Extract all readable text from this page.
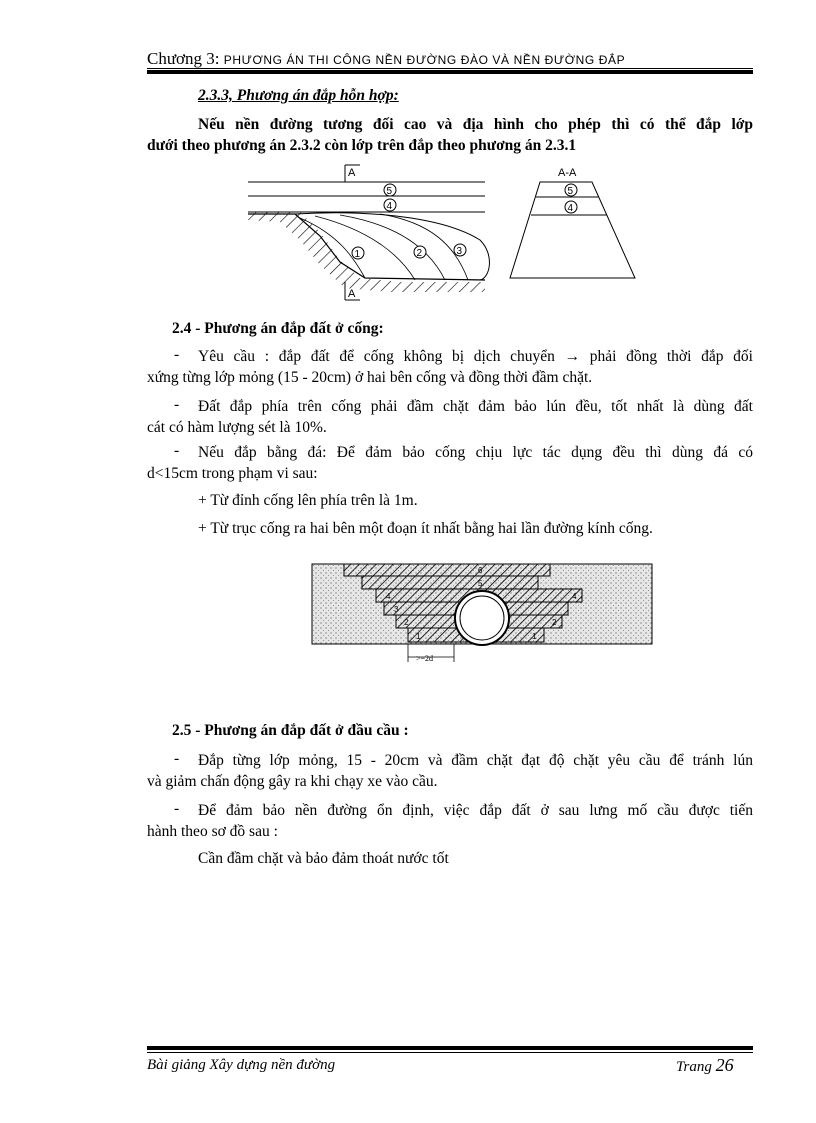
Chương 3: PHƯƠNG ÁN THI CÔNG NỀN ĐƯỜNG ĐÀO VÀ NỀN ĐƯỜNG ĐẮP
2.3.3, Phương án đắp hỗn hợp:
Nếu nền đường tương đối cao và địa hình cho phép thì có thể đắp lớp
dưới theo phương án 2.3.2 còn lớp trên đắp theo phương án 2.3.1
A
5
4
1	2	3
A
A-A
5
4
2.4 - Phương án đắp đất ở cống:
- Yêu cầu : đắp đất để cống không bị dịch chuyển → phải đồng thời đắp đối
xứng từng lớp mỏng (15 - 20cm) ở hai bên cống và đồng thời đầm chặt.
- Đất đắp phía trên cống phải đầm chặt đảm bảo lún đều, tốt nhất là dùng đất
cát có hàm lượng sét là 10%.
- Nếu đắp bằng đá: Để đảm bảo cống chịu lực tác dụng đều thì dùng đá có
d<15cm trong phạm vi sau:
+ Từ đỉnh cống lên phía trên là 1m.
+ Từ trục cống ra hai bên một đoạn ít nhất bằng hai lần đường kính cống.
6
5
4	4
3
2	2
1	1
>=2d
2.5 - Phương án đắp đất ở đầu cầu :
- Đắp từng lớp mỏng, 15 - 20cm và đầm chặt đạt độ chặt yêu cầu để tránh lún
và giảm chấn động gây ra khi chạy xe vào cầu.
- Để đảm bảo nền đường ổn định, việc đắp đất ở sau lưng mố cầu được tiến
hành theo sơ đồ sau :
Cần đầm chặt và bảo đảm thoát nước tốt
Bài giảng Xây dựng nền đường	Trang 26
